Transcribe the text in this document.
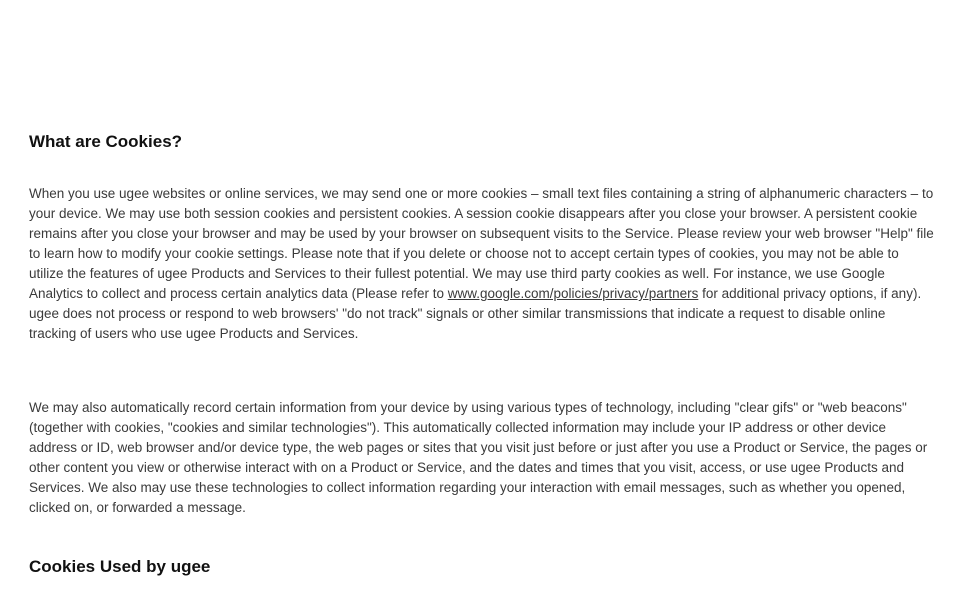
What are Cookies?

When you use ugee websites or online services, we may send one or more cookies – small text files containing a string of alphanumeric characters – to your device. We may use both session cookies and persistent cookies. A session cookie disappears after you close your browser. A persistent cookie remains after you close your browser and may be used by your browser on subsequent visits to the Service. Please review your web browser "Help" file to learn how to modify your cookie settings. Please note that if you delete or choose not to accept certain types of cookies, you may not be able to utilize the features of ugee Products and Services to their fullest potential. We may use third party cookies as well. For instance, we use Google Analytics to collect and process certain analytics data (Please refer to www.google.com/policies/privacy/partners for additional privacy options, if any). ugee does not process or respond to web browsers' "do not track" signals or other similar transmissions that indicate a request to disable online tracking of users who use ugee Products and Services.

We may also automatically record certain information from your device by using various types of technology, including "clear gifs" or "web beacons" (together with cookies, "cookies and similar technologies"). This automatically collected information may include your IP address or other device address or ID, web browser and/or device type, the web pages or sites that you visit just before or just after you use a Product or Service, the pages or other content you view or otherwise interact with on a Product or Service, and the dates and times that you visit, access, or use ugee Products and Services. We also may use these technologies to collect information regarding your interaction with email messages, such as whether you opened, clicked on, or forwarded a message.

Cookies Used by ugee
